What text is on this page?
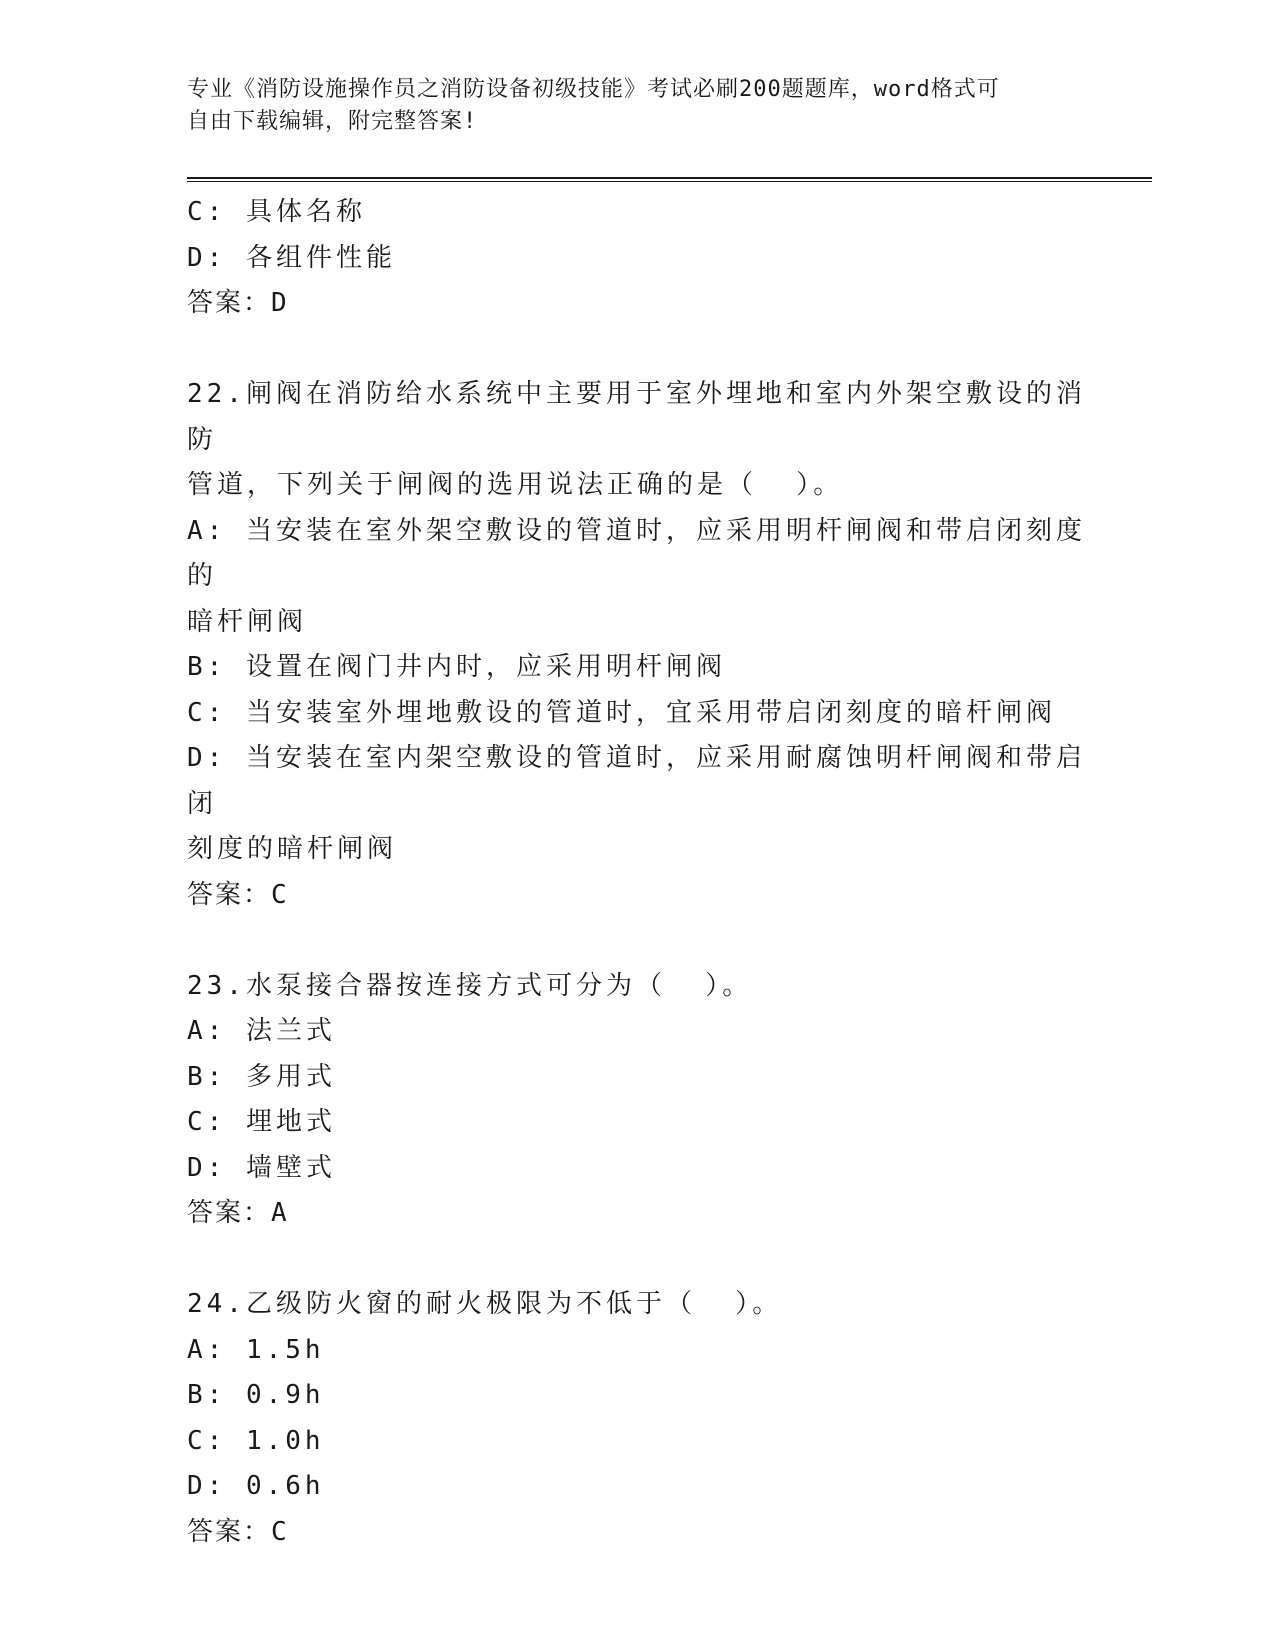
专业《消防设施操作员之消防设备初级技能》考试必刷200题题库，word格式可
自由下载编辑，附完整答案!
C: 具体名称
D: 各组件性能
答案：D
22.闸阀在消防给水系统中主要用于室外埋地和室内外架空敷设的消防
管道，下列关于闸阀的选用说法正确的是（  ）。
A: 当安装在室外架空敷设的管道时，应采用明杆闸阀和带启闭刻度的
暗杆闸阀
B: 设置在阀门井内时，应采用明杆闸阀
C: 当安装室外埋地敷设的管道时，宜采用带启闭刻度的暗杆闸阀
D: 当安装在室内架空敷设的管道时，应采用耐腐蚀明杆闸阀和带启闭
刻度的暗杆闸阀
答案：C
23.水泵接合器按连接方式可分为（  ）。
A: 法兰式
B: 多用式
C: 埋地式
D: 墙壁式
答案：A
24.乙级防火窗的耐火极限为不低于（  ）。
A: 1.5h
B: 0.9h
C: 1.0h
D: 0.6h
答案：C
